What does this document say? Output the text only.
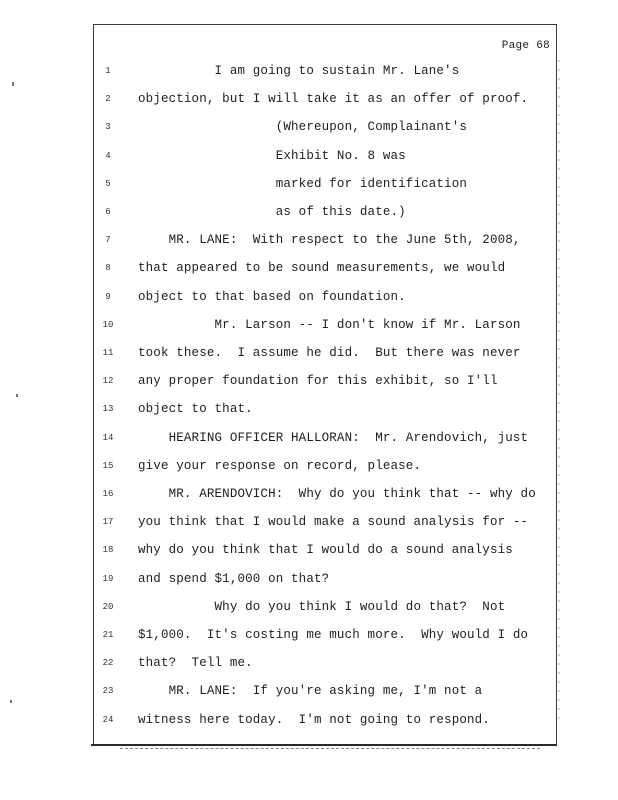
Page 68
1	I am going to sustain Mr. Lane's
2	objection, but I will take it as an offer of proof.
3	(Whereupon, Complainant's
4	Exhibit No. 8 was
5	marked for identification
6	as of this date.)
7	MR. LANE:  With respect to the June 5th, 2008,
8	that appeared to be sound measurements, we would
9	object to that based on foundation.
10	Mr. Larson -- I don't know if Mr. Larson
11	took these.  I assume he did.  But there was never
12	any proper foundation for this exhibit, so I'll
13	object to that.
14	HEARING OFFICER HALLORAN:  Mr. Arendovich, just
15	give your response on record, please.
16	MR. ARENDOVICH:  Why do you think that -- why do
17	you think that I would make a sound analysis for --
18	why do you think that I would do a sound analysis
19	and spend $1,000 on that?
20	Why do you think I would do that?  Not
21	$1,000.  It's costing me much more.  Why would I do
22	that?  Tell me.
23	MR. LANE:  If you're asking me, I'm not a
24	witness here today.  I'm not going to respond.
